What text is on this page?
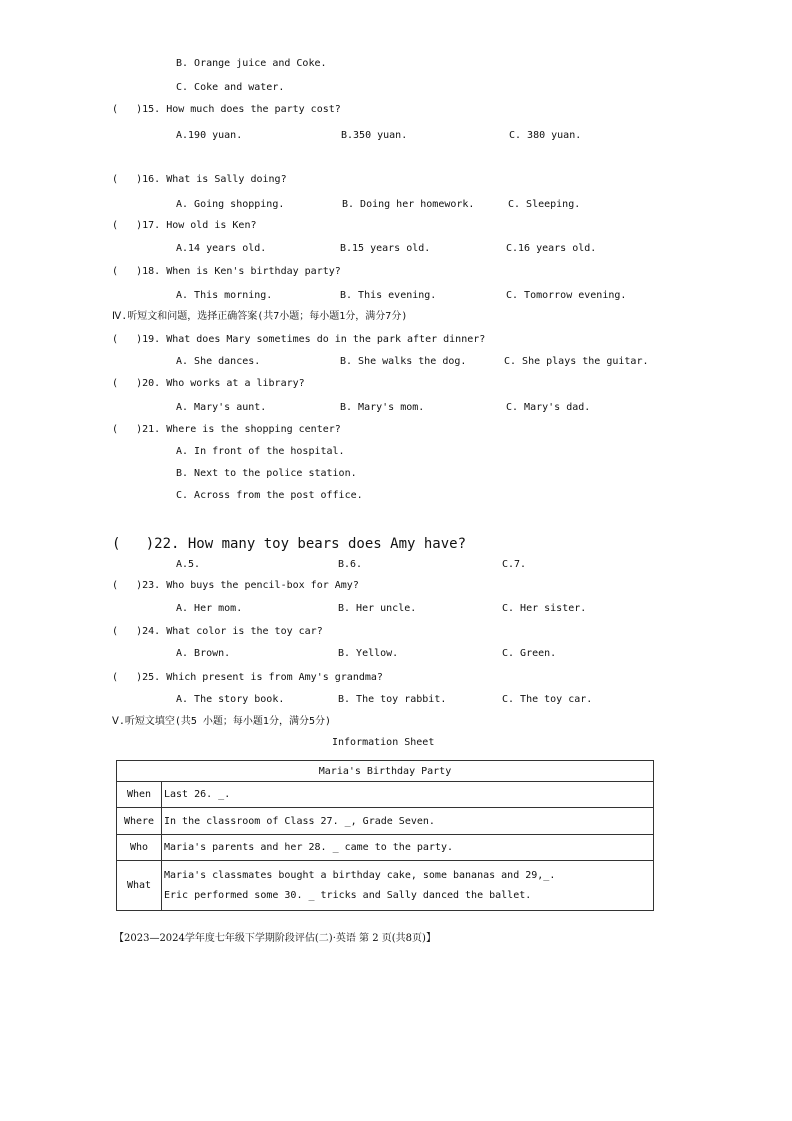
B. Orange juice and Coke.
C. Coke and water.
(   )15. How much does the party cost?
A.190 yuan.	B.350 yuan.	C. 380 yuan.
(   )16. What is Sally doing?
A. Going shopping.	B. Doing her homework.	C. Sleeping.
(   )17. How old is Ken?
A.14 years old.	B.15 years old.	C.16 years old.
(   )18. When is Ken's birthday party?
A. This morning.	B. This evening.	C. Tomorrow evening.
Ⅳ.听短文和问题，选择正确答案(共7小题；每小题1分，满分7分)
(   )19. What does Mary sometimes do in the park after dinner?
A. She dances.	B. She walks the dog.	C. She plays the guitar.
(   )20. Who works at a library?
A. Mary's aunt.	B. Mary's mom.	C. Mary's dad.
(   )21. Where is the shopping center?
A. In front of the hospital.
B. Next to the police station.
C. Across from the post office.
(   )22. How many toy bears does Amy have?
A.5.	B.6.	C.7.
(   )23. Who buys the pencil-box for Amy?
A. Her mom.	B. Her uncle.	C. Her sister.
(   )24. What color is the toy car?
A. Brown.	B. Yellow.	C. Green.
(   )25. Which present is from Amy's grandma?
A. The story book.	B. The toy rabbit.	C. The toy car.
Ⅴ.听短文填空(共5 小题；每小题1分，满分5分)
Information Sheet
Maria's Birthday Party	
When	Last 26. _.
Where	In the classroom of Class 27. _, Grade Seven.
Who	Maria's parents and her 28. _ came to the party.
What	Maria's classmates bought a birthday cake, some bananas and 29,_.
Eric performed some 30. _ tricks and Sally danced the ballet.
【2023—2024学年度七年级下学期阶段评估(二)·英语 第 2 页(共8页)】
